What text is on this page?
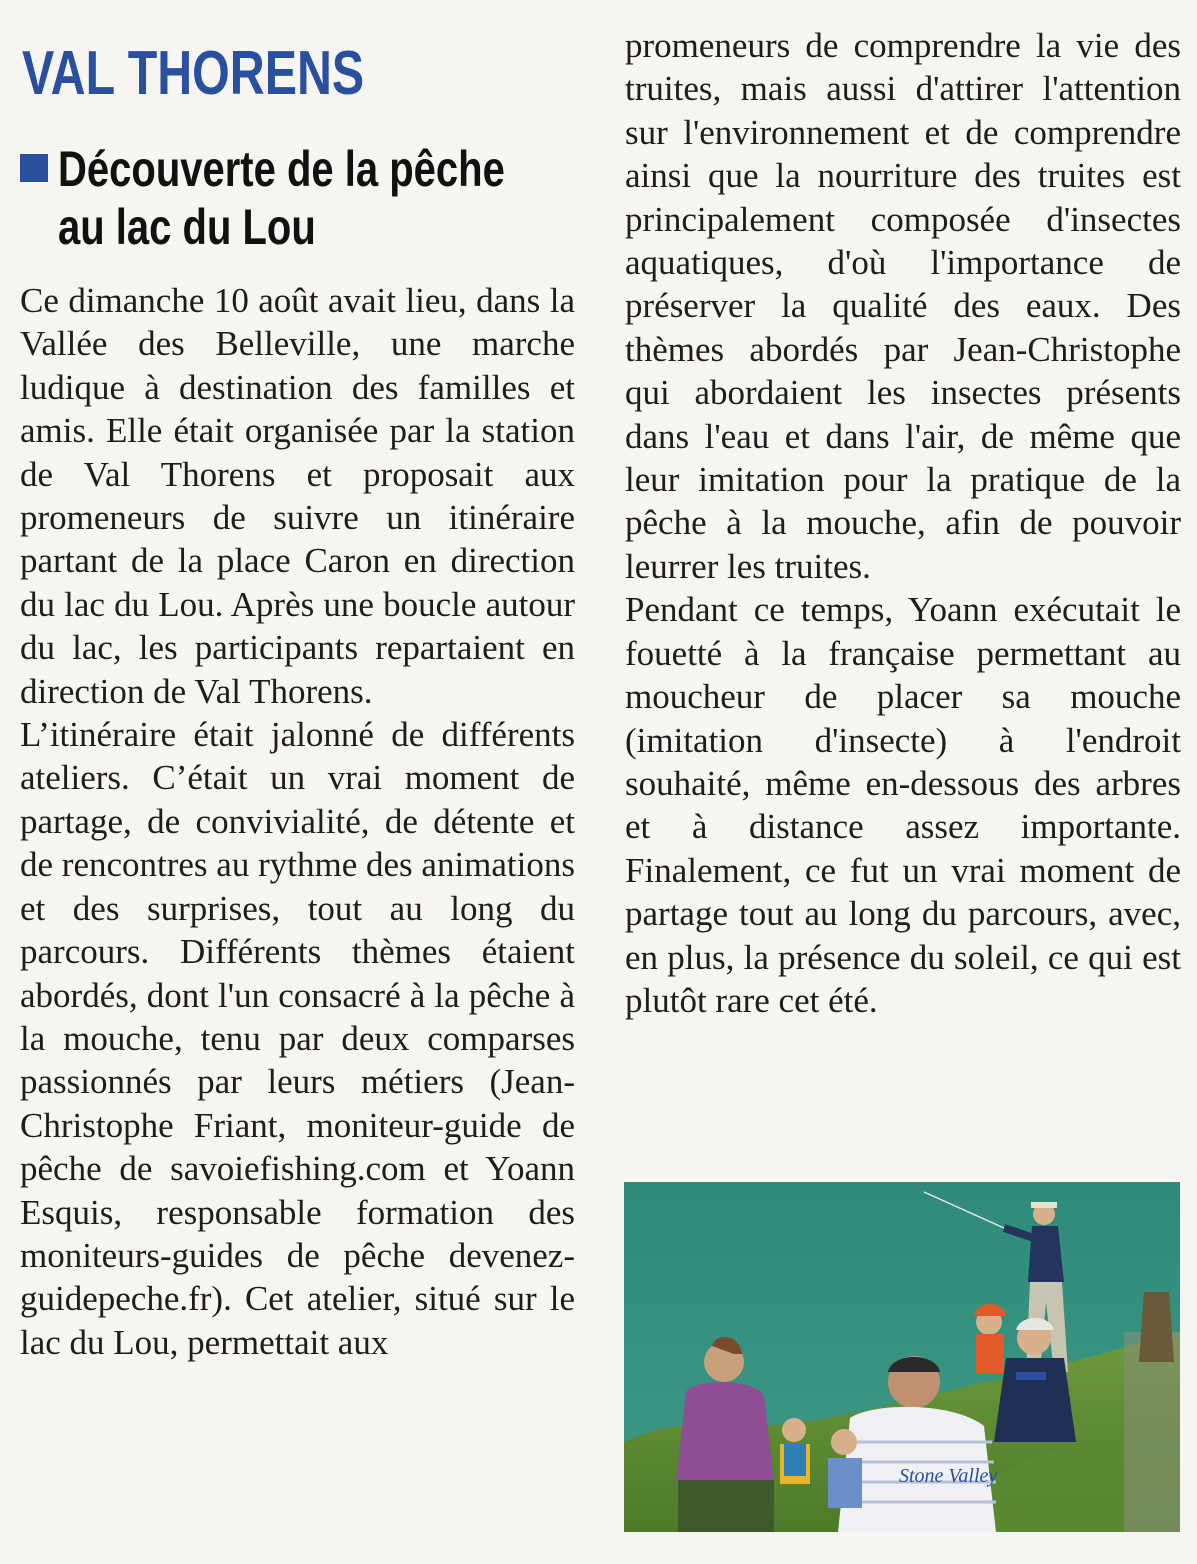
VAL THORENS
Découverte de la pêche
au lac du Lou

Ce dimanche 10 août avait lieu, dans la Vallée des Belleville, une marche ludique à destination des familles et amis. Elle était organisée par la station de Val Thorens et proposait aux promeneurs de suivre un itinéraire partant de la place Caron en direction du lac du Lou. Après une boucle autour du lac, les participants repartaient en direction de Val Thorens.

L’itinéraire était jalonné de différents ateliers. C’était un vrai moment de partage, de convivialité, de détente et de rencontres au rythme des animations et des surprises, tout au long du parcours. Différents thèmes étaient abordés, dont l'un consacré à la pêche à la mouche, tenu par deux comparses passionnés par leurs métiers (Jean-Christophe Friant, moniteur-guide de pêche de savoiefishing.com et Yoann Esquis, responsable formation des moniteurs-guides de pêche devenez-guidepeche.fr). Cet atelier, situé sur le lac du Lou, permettait aux

promeneurs de comprendre la vie des truites, mais aussi d'attirer l'attention sur l'environnement et de comprendre ainsi que la nourriture des truites est principalement composée d'insectes aquatiques, d'où l'importance de préserver la qualité des eaux. Des thèmes abordés par Jean-Christophe qui abordaient les insectes présents dans l'eau et dans l'air, de même que leur imitation pour la pratique de la pêche à la mouche, afin de pouvoir leurrer les truites.

Pendant ce temps, Yoann exécutait le fouetté à la française permettant au moucheur de placer sa mouche (imitation d'insecte) à l'endroit souhaité, même en-dessous des arbres et à distance assez importante. Finalement, ce fut un vrai moment de partage tout au long du parcours, avec, en plus, la présence du soleil, ce qui est plutôt rare cet été.

Stone Valley
